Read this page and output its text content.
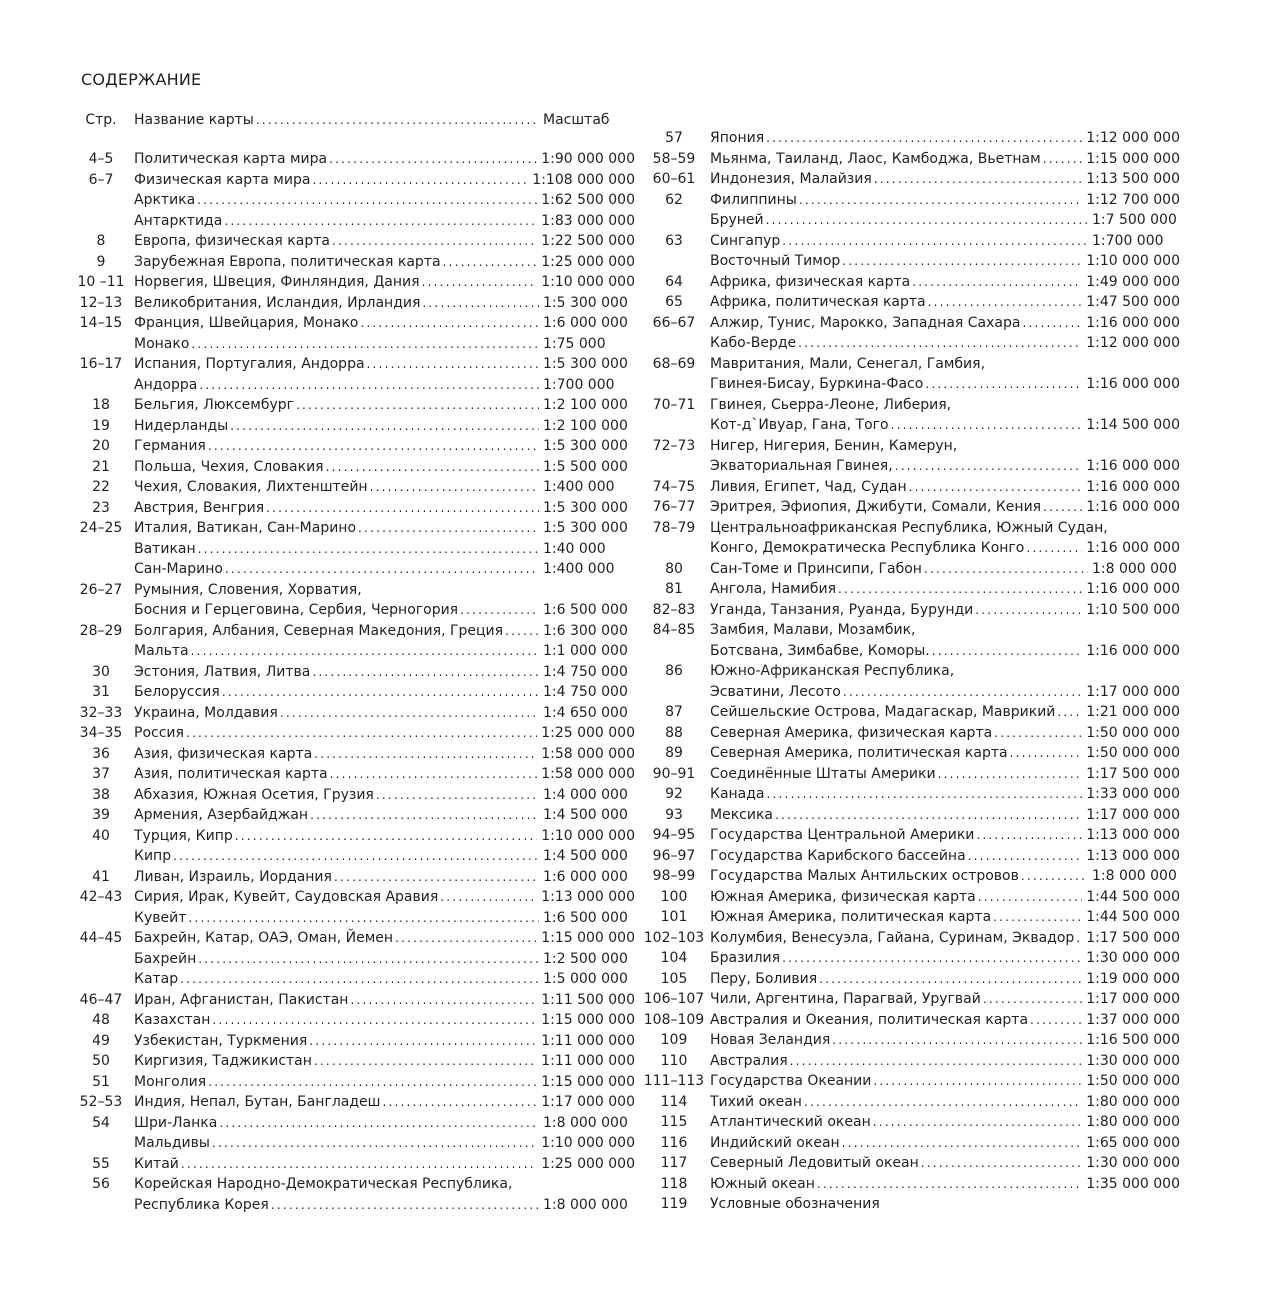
СОДЕРЖАНИЕ
Стр.	Название карты .....	Масштаб
4–5	Политическая карта мира .....	1:90 000 000
6–7	Физическая карта мира .....	1:108 000 000
Арктика .....	1:62 500 000
Антарктида .....	1:83 000 000
8	Европа, физическая карта .....	1:22 500 000
9	Зарубежная Европа, политическая карта .....	1:25 000 000
10 –11 Норвегия, Швеция, Финляндия, Дания .....	1:10 000 000
12–13 Великобритания, Исландия, Ирландия .....	1:5 300 000
14–15 Франция, Швейцария, Монако .....	1:6 000 000
Монако .....	1:75 000
16–17 Испания, Португалия, Андорра .....	1:5 300 000
Андорра .....	1:700 000
18	Бельгия, Люксембург .....	1:2 100 000
19	Нидерланды .....	1:2 100 000
20	Германия .....	1:5 300 000
21	Польша, Чехия, Словакия .....	1:5 500 000
22	Чехия, Словакия, Лихтенштейн .....	1:400 000
23	Австрия, Венгрия .....	1:5 300 000
24–25 Италия, Ватикан, Сан-Марино .....	1:5 300 000
Ватикан .....	1:40 000
Сан-Марино .....	1:400 000
26–27 Румыния, Словения, Хорватия,
Босния и Герцеговина, Сербия, Черногория .....	1:6 500 000
28–29 Болгария, Албания, Северная Македония, Греция .....	1:6 300 000
Мальта .....	1:1 000 000
30	Эстония, Латвия, Литва .....	1:4 750 000
31	Белоруссия .....	1:4 750 000
32–33 Украина, Молдавия .....	1:4 650 000
34–35 Россия .....	1:25 000 000
36	Азия, физическая карта .....	1:58 000 000
37	Азия, политическая карта .....	1:58 000 000
38	Абхазия, Южная Осетия, Грузия .....	1:4 000 000
39	Армения, Азербайджан .....	1:4 500 000
40	Турция, Кипр .....	1:10 000 000
Кипр .....	1:4 500 000
41	Ливан, Израиль, Иордания .....	1:6 000 000
42–43 Сирия, Ирак, Кувейт, Саудовская Аравия .....	1:13 000 000
Кувейт .....	1:6 500 000
44–45 Бахрейн, Катар, ОАЭ, Оман, Йемен .....	1:15 000 000
Бахрейн .....	1:2 500 000
Катар .....	1:5 000 000
46–47 Иран, Афганистан, Пакистан .....	1:11 500 000
48	Казахстан .....	1:15 000 000
49	Узбекистан, Туркмения .....	1:11 000 000
50	Киргизия, Таджикистан .....	1:11 000 000
51	Монголия .....	1:15 000 000
52–53 Индия, Непал, Бутан, Бангладеш .....	1:17 000 000
54	Шри-Ланка .....	1:8 000 000
Мальдивы .....	1:10 000 000
55	Китай .....	1:25 000 000
56	Корейская Народно-Демократическая Республика,
Республика Корея .....	1:8 000 000
57	Япония .....	1:12 000 000
58–59	Мьянма, Таиланд, Лаос, Камбоджа, Вьетнам .....	1:15 000 000
60–61	Индонезия, Малайзия .....	1:13 500 000
62	Филиппины .....	1:12 700 000
Бруней .....	1:7 500 000
63	Сингапур .....	1:700 000
Восточный Тимор .....	1:10 000 000
64	Африка, физическая карта .....	1:49 000 000
65	Африка, политическая карта .....	1:47 500 000
66–67	Алжир, Тунис, Марокко, Западная Сахара .....	1:16 000 000
Кабо-Верде .....	1:12 000 000
68–69	Мавритания, Мали, Сенегал, Гамбия,
Гвинея-Бисау, Буркина-Фасо .....	1:16 000 000
70–71	Гвинея, Сьерра-Леоне, Либерия,
Кот-д`Ивуар, Гана, Того .....	1:14 500 000
72–73	Нигер, Нигерия, Бенин, Камерун,
Экваториальная Гвинея, .....	1:16 000 000
74–75	Ливия, Египет, Чад, Судан .....	1:16 000 000
76–77	Эритрея, Эфиопия, Джибути, Сомали, Кения .....	1:16 000 000
78–79	Центральноафриканская Республика, Южный Судан,
Конго, Демократическа Республика Конго .....	1:16 000 000
80	Сан-Томе и Принсипи, Габон .....	1:8 000 000
81	Ангола, Намибия .....	1:16 000 000
82–83	Уганда, Танзания, Руанда, Бурунди .....	1:10 500 000
84–85	Замбия, Малави, Мозамбик,
Ботсвана, Зимбабве, Коморы. .....	1:16 000 000
86	Южно-Африканская Республика,
Эсватини, Лесото .....	1:17 000 000
87	Сейшельские Острова, Мадагаскар, Маврикий ..... 1:21 000 000
88	Северная Америка, физическая карта .....	1:50 000 000
89	Северная Америка, политическая карта .....	1:50 000 000
90–91	Соединённые Штаты Америки .....	1:17 500 000
92	Канада .....	1:33 000 000
93	Мексика .....	1:17 000 000
94–95	Государства Центральной Америки .....	1:13 000 000
96–97	Государства Карибского бассейна .....	1:13 000 000
98–99	Государства Малых Антильских островов .....	1:8 000 000
100	Южная Америка, физическая карта .....	1:44 500 000
101	Южная Америка, политическая карта .....	1:44 500 000
102–103 Колумбия, Венесуэла, Гайана, Суринам, Эквадор ..... 1:17 500 000
104	Бразилия .....	1:30 000 000
105	Перу, Боливия .....	1:19 000 000
106–107 Чили, Аргентина, Парагвай, Уругвай .....	1:17 000 000
108–109 Австралия и Океания, политическая карта .....	1:37 000 000
109	Новая Зеландия .....	1:16 500 000
110	Австралия .....	1:30 000 000
111–113 Государства Океании .....	1:50 000 000
114	Тихий океан .....	1:80 000 000
115	Атлантический океан .....	1:80 000 000
116	Индийский океан .....	1:65 000 000
117	Северный Ледовитый океан .....	1:30 000 000
118	Южный океан .....	1:35 000 000
119	Условные обозначения
